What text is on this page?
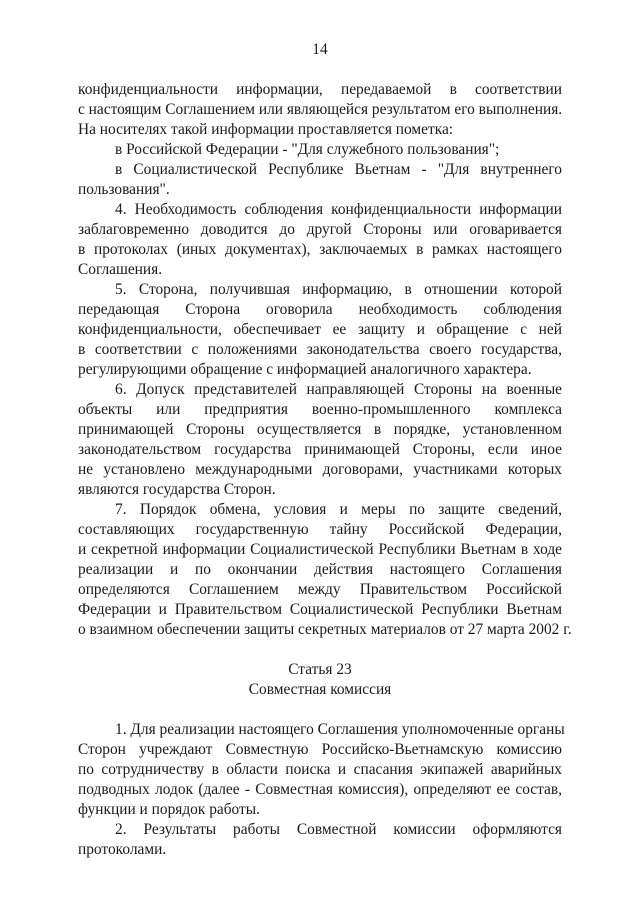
14
конфиденциальности информации, передаваемой в соответствии
с настоящим Соглашением или являющейся результатом его выполнения.
На носителях такой информации проставляется пометка:
в Российской Федерации - "Для служебного пользования";
в Социалистической Республике Вьетнам - "Для внутреннего
пользования".
4. Необходимость соблюдения конфиденциальности информации
заблаговременно доводится до другой Стороны или оговаривается
в протоколах (иных документах), заключаемых в рамках настоящего
Соглашения.
5. Сторона, получившая информацию, в отношении которой
передающая Сторона оговорила необходимость соблюдения
конфиденциальности, обеспечивает ее защиту и обращение с ней
в соответствии с положениями законодательства своего государства,
регулирующими обращение с информацией аналогичного характера.
6. Допуск представителей направляющей Стороны на военные
объекты или предприятия военно-промышленного комплекса
принимающей Стороны осуществляется в порядке, установленном
законодательством государства принимающей Стороны, если иное
не установлено международными договорами, участниками которых
являются государства Сторон.
7. Порядок обмена, условия и меры по защите сведений,
составляющих государственную тайну Российской Федерации,
и секретной информации Социалистической Республики Вьетнам в ходе
реализации и по окончании действия настоящего Соглашения
определяются Соглашением между Правительством Российской
Федерации и Правительством Социалистической Республики Вьетнам
о взаимном обеспечении защиты секретных материалов от 27 марта 2002 г.
Статья 23
Совместная комиссия
1. Для реализации настоящего Соглашения уполномоченные органы
Сторон учреждают Совместную Российско-Вьетнамскую комиссию
по сотрудничеству в области поиска и спасания экипажей аварийных
подводных лодок (далее - Совместная комиссия), определяют ее состав,
функции и порядок работы.
2. Результаты работы Совместной комиссии оформляются
протоколами.
